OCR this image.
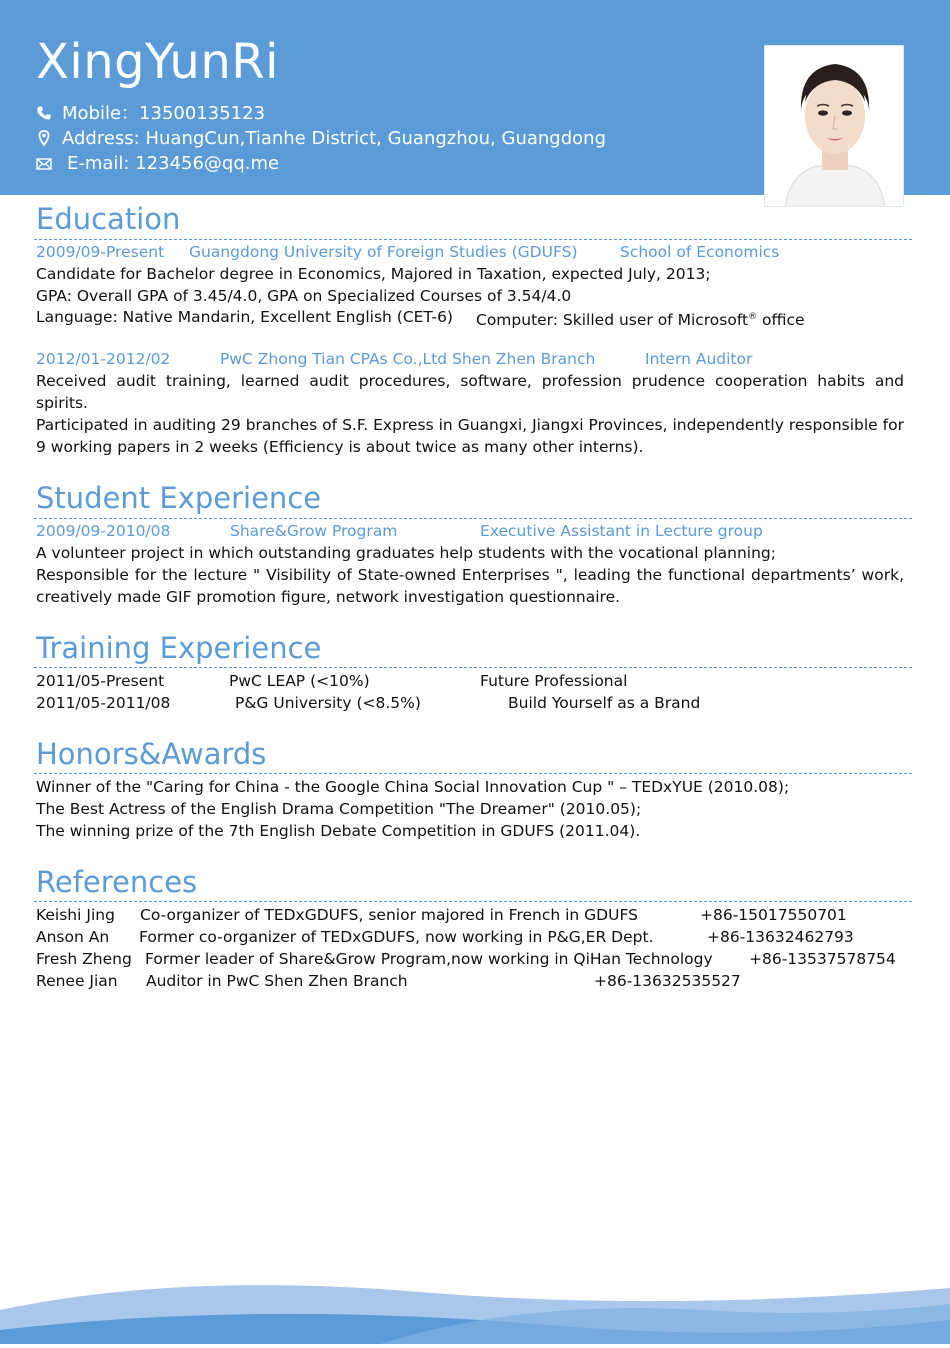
XingYunRi
Mobile：13500135123
Address: HuangCun,Tianhe District, Guangzhou, Guangdong
E-mail: 123456@qq.me
Education
2009/09-Present Guangdong University of Foreign Studies (GDUFS)	School of Economics
Candidate for Bachelor degree in Economics, Majored in Taxation, expected July, 2013;
GPA: Overall GPA of 3.45/4.0, GPA on Specialized Courses of 3.54/4.0
Language: Native Mandarin, Excellent English (CET-6) Computer: Skilled user of Microsoft® office
2012/01-2012/02	PwC Zhong Tian CPAs Co.,Ltd Shen Zhen Branch	Intern Auditor
Received audit training, learned audit procedures, software, profession prudence cooperation habits and spirits.
Participated in auditing 29 branches of S.F. Express in Guangxi, Jiangxi Provinces, independently responsible for 9 working papers in 2 weeks (Efficiency is about twice as many other interns).
Student Experience
2009/09-2010/08	Share&Grow Program	Executive Assistant in Lecture group
A volunteer project in which outstanding graduates help students with the vocational planning;
Responsible for the lecture " Visibility of State-owned Enterprises ", leading the functional departments’ work, creatively made GIF promotion figure, network investigation questionnaire.
Training Experience
2011/05-Present	PwC LEAP (<10%)	Future Professional
2011/05-2011/08	P&G University (<8.5%)	Build Yourself as a Brand
Honors&Awards
Winner of the "Caring for China - the Google China Social Innovation Cup " – TEDxYUE (2010.08);
The Best Actress of the English Drama Competition "The Dreamer" (2010.05);
The winning prize of the 7th English Debate Competition in GDUFS (2011.04).
References
Keishi Jing Co-organizer of TEDxGDUFS, senior majored in French in GDUFS	+86-15017550701
Anson An Former co-organizer of TEDxGDUFS, now working in P&G,ER Dept.	+86-13632462793
Fresh Zheng Former leader of Share&Grow Program,now working in QiHan Technology +86-13537578754
Renee Jian Auditor in PwC Shen Zhen Branch	+86-13632535527
